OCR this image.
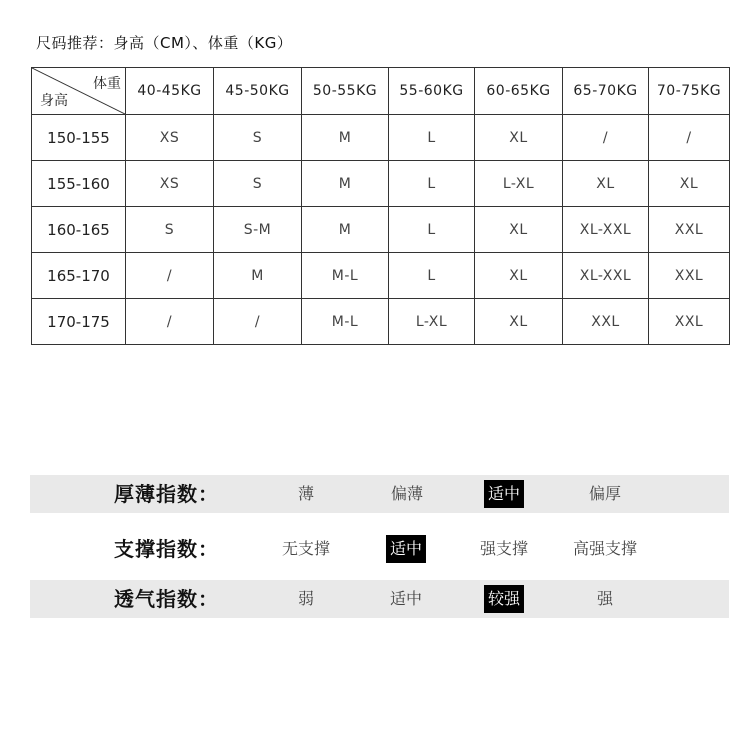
尺码推荐：身高（CM）、体重（KG）
体重
身高	40-45KG	45-50KG	50-55KG	55-60KG	60-65KG	65-70KG	70-75KG
150-155	XS	S	M	L	XL	/	/
155-160	XS	S	M	L	L-XL	XL	XL
160-165	S	S-M	M	L	XL	XL-XXL	XXL
165-170	/	M	M-L	L	XL	XL-XXL	XXL
170-175	/	/	M-L	L-XL	XL	XXL	XXL
厚薄指数：	薄	偏薄	适中	偏厚
支撑指数：	无支撑	适中	强支撑	高强支撑
透气指数：	弱	适中	较强	强
